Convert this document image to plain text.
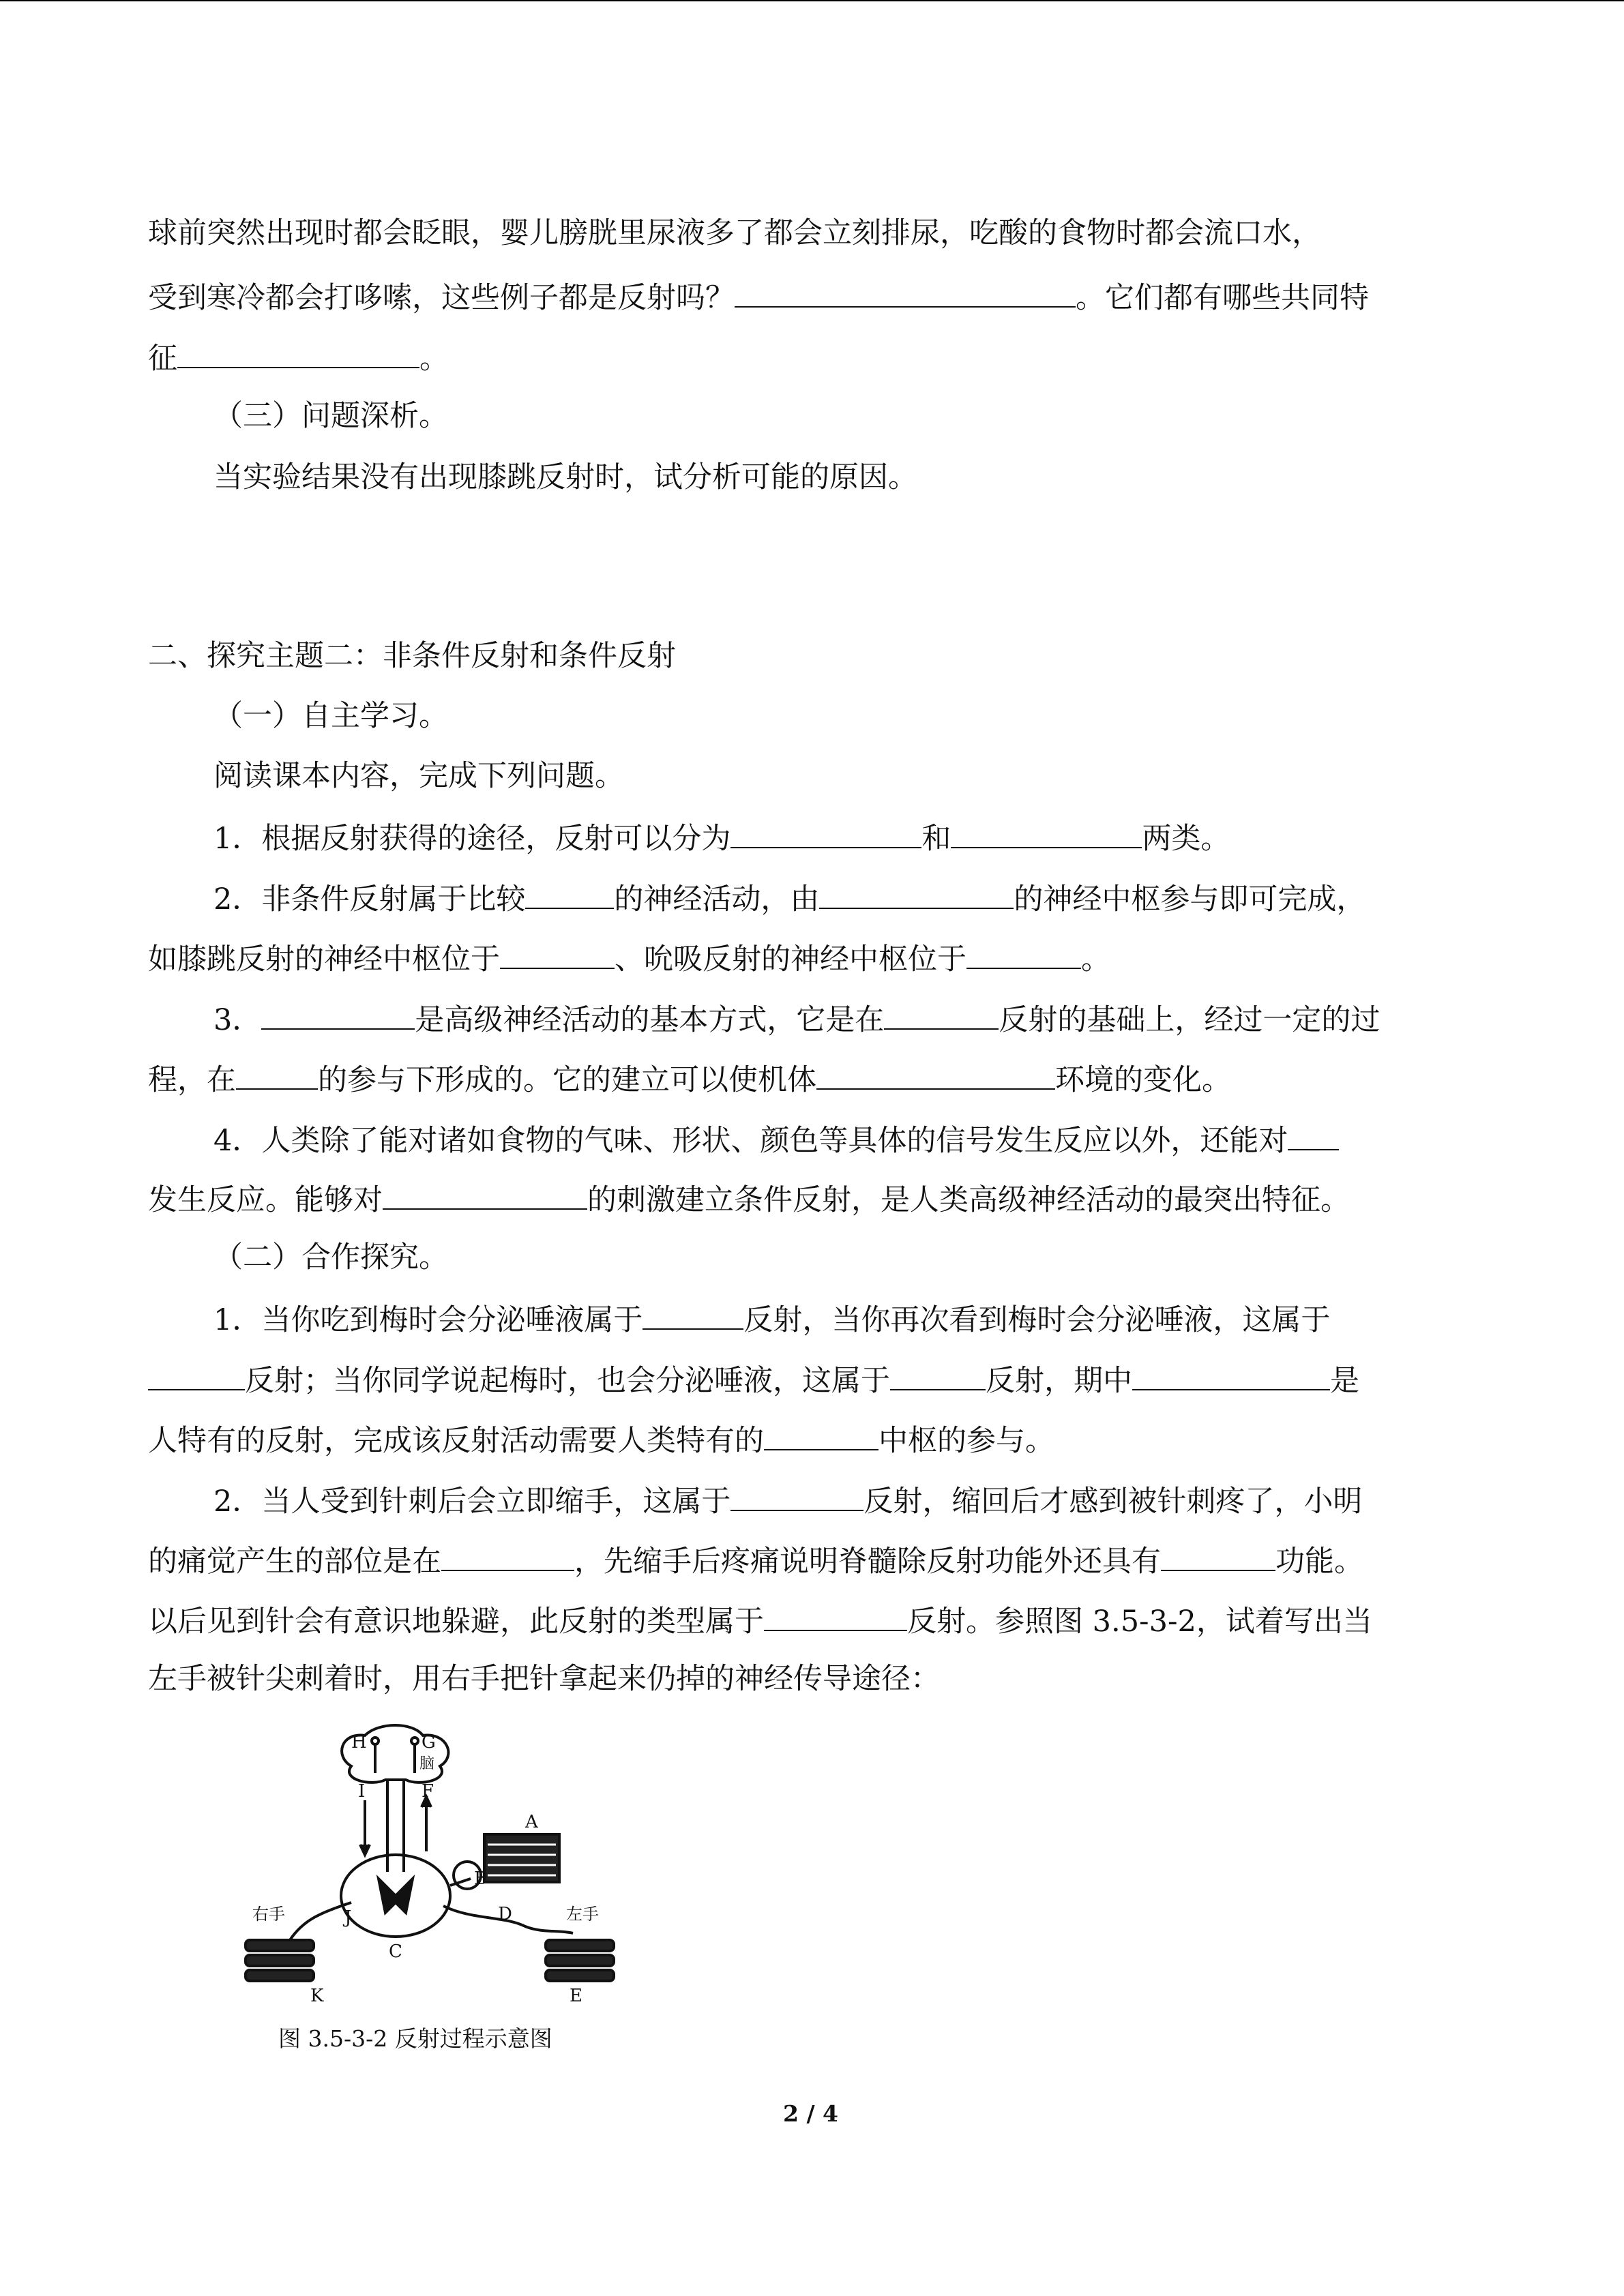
球前突然出现时都会眨眼，婴儿膀胱里尿液多了都会立刻排尿，吃酸的食物时都会流口水，
受到寒冷都会打哆嗦，这些例子都是反射吗？	。它们都有哪些共同特
征	。
（三）问题深析。
当实验结果没有出现膝跳反射时，试分析可能的原因。
二、探究主题二：非条件反射和条件反射
（一）自主学习。
阅读课本内容，完成下列问题。
1．根据反射获得的途径，反射可以分为	和	两类。
2．非条件反射属于比较	的神经活动，由	的神经中枢参与即可完成，
如膝跳反射的神经中枢位于	、吮吸反射的神经中枢位于	。
3．	是高级神经活动的基本方式，它是在	反射的基础上，经过一定的过
程，在	的参与下形成的。它的建立可以使机体	环境的变化。
4．人类除了能对诸如食物的气味、形状、颜色等具体的信号发生反应以外，还能对
发生反应。能够对	的刺激建立条件反射，是人类高级神经活动的最突出特征。
（二）合作探究。
1．当你吃到梅时会分泌唾液属于	反射，当你再次看到梅时会分泌唾液，这属于
反射；当你同学说起梅时，也会分泌唾液，这属于	反射，期中	是
人特有的反射，完成该反射活动需要人类特有的	中枢的参与。
2．当人受到针刺后会立即缩手，这属于	反射，缩回后才感到被针刺疼了，小明
的痛觉产生的部位是在	，先缩手后疼痛说明脊髓除反射功能外还具有	功能。
以后见到针会有意识地躲避，此反射的类型属于	反射。参照图 3.5-3-2，试着写出当
左手被针尖刺着时，用右手把针拿起来仍掉的神经传导途径：
H	G
脑
I	F
A
B
C
D
J
K	E
右手	左手
图 3.5-3-2 反射过程示意图
2 / 4
